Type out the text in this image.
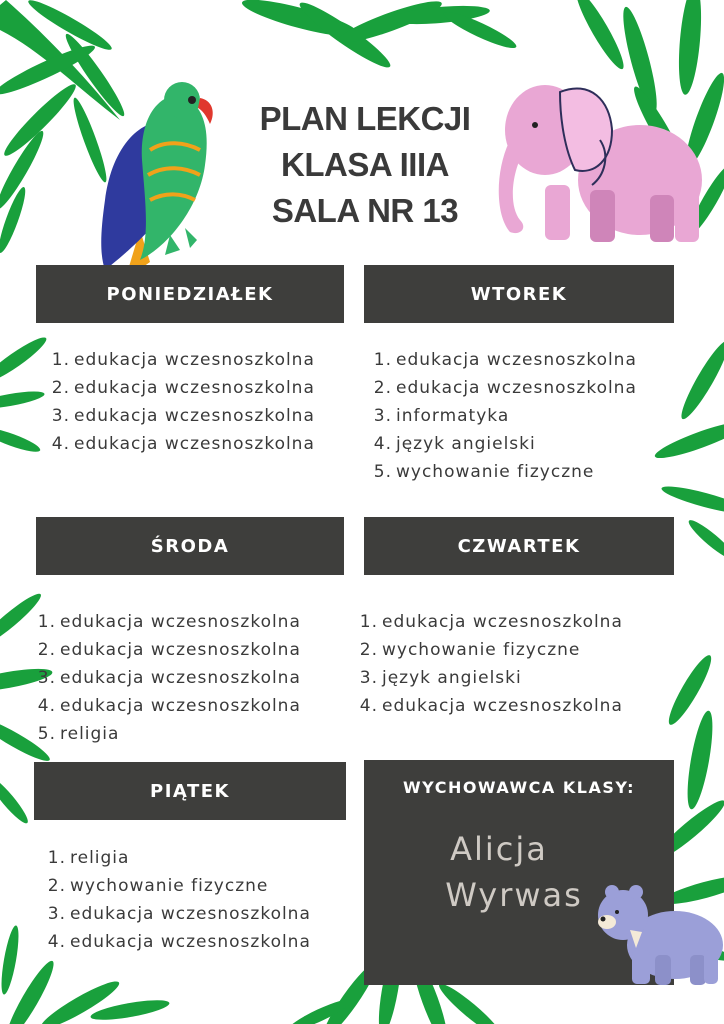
PLAN LEKCJI
KLASA IIIA
SALA NR 13
PONIEDZIAŁEK
1. edukacja wczesnoszkolna
2. edukacja wczesnoszkolna
3. edukacja wczesnoszkolna
4. edukacja wczesnoszkolna
WTOREK
1. edukacja wczesnoszkolna
2. edukacja wczesnoszkolna
3. informatyka
4. język angielski
5. wychowanie fizyczne
ŚRODA
1. edukacja wczesnoszkolna
2. edukacja wczesnoszkolna
3. edukacja wczesnoszkolna
4. edukacja wczesnoszkolna
5. religia
CZWARTEK
1. edukacja wczesnoszkolna
2. wychowanie fizyczne
3. język angielski
4. edukacja wczesnoszkolna
PIĄTEK
1. religia
2. wychowanie fizyczne
3. edukacja wczesnoszkolna
4. edukacja wczesnoszkolna
WYCHOWAWCA KLASY:
Alicja
Wyrwas
